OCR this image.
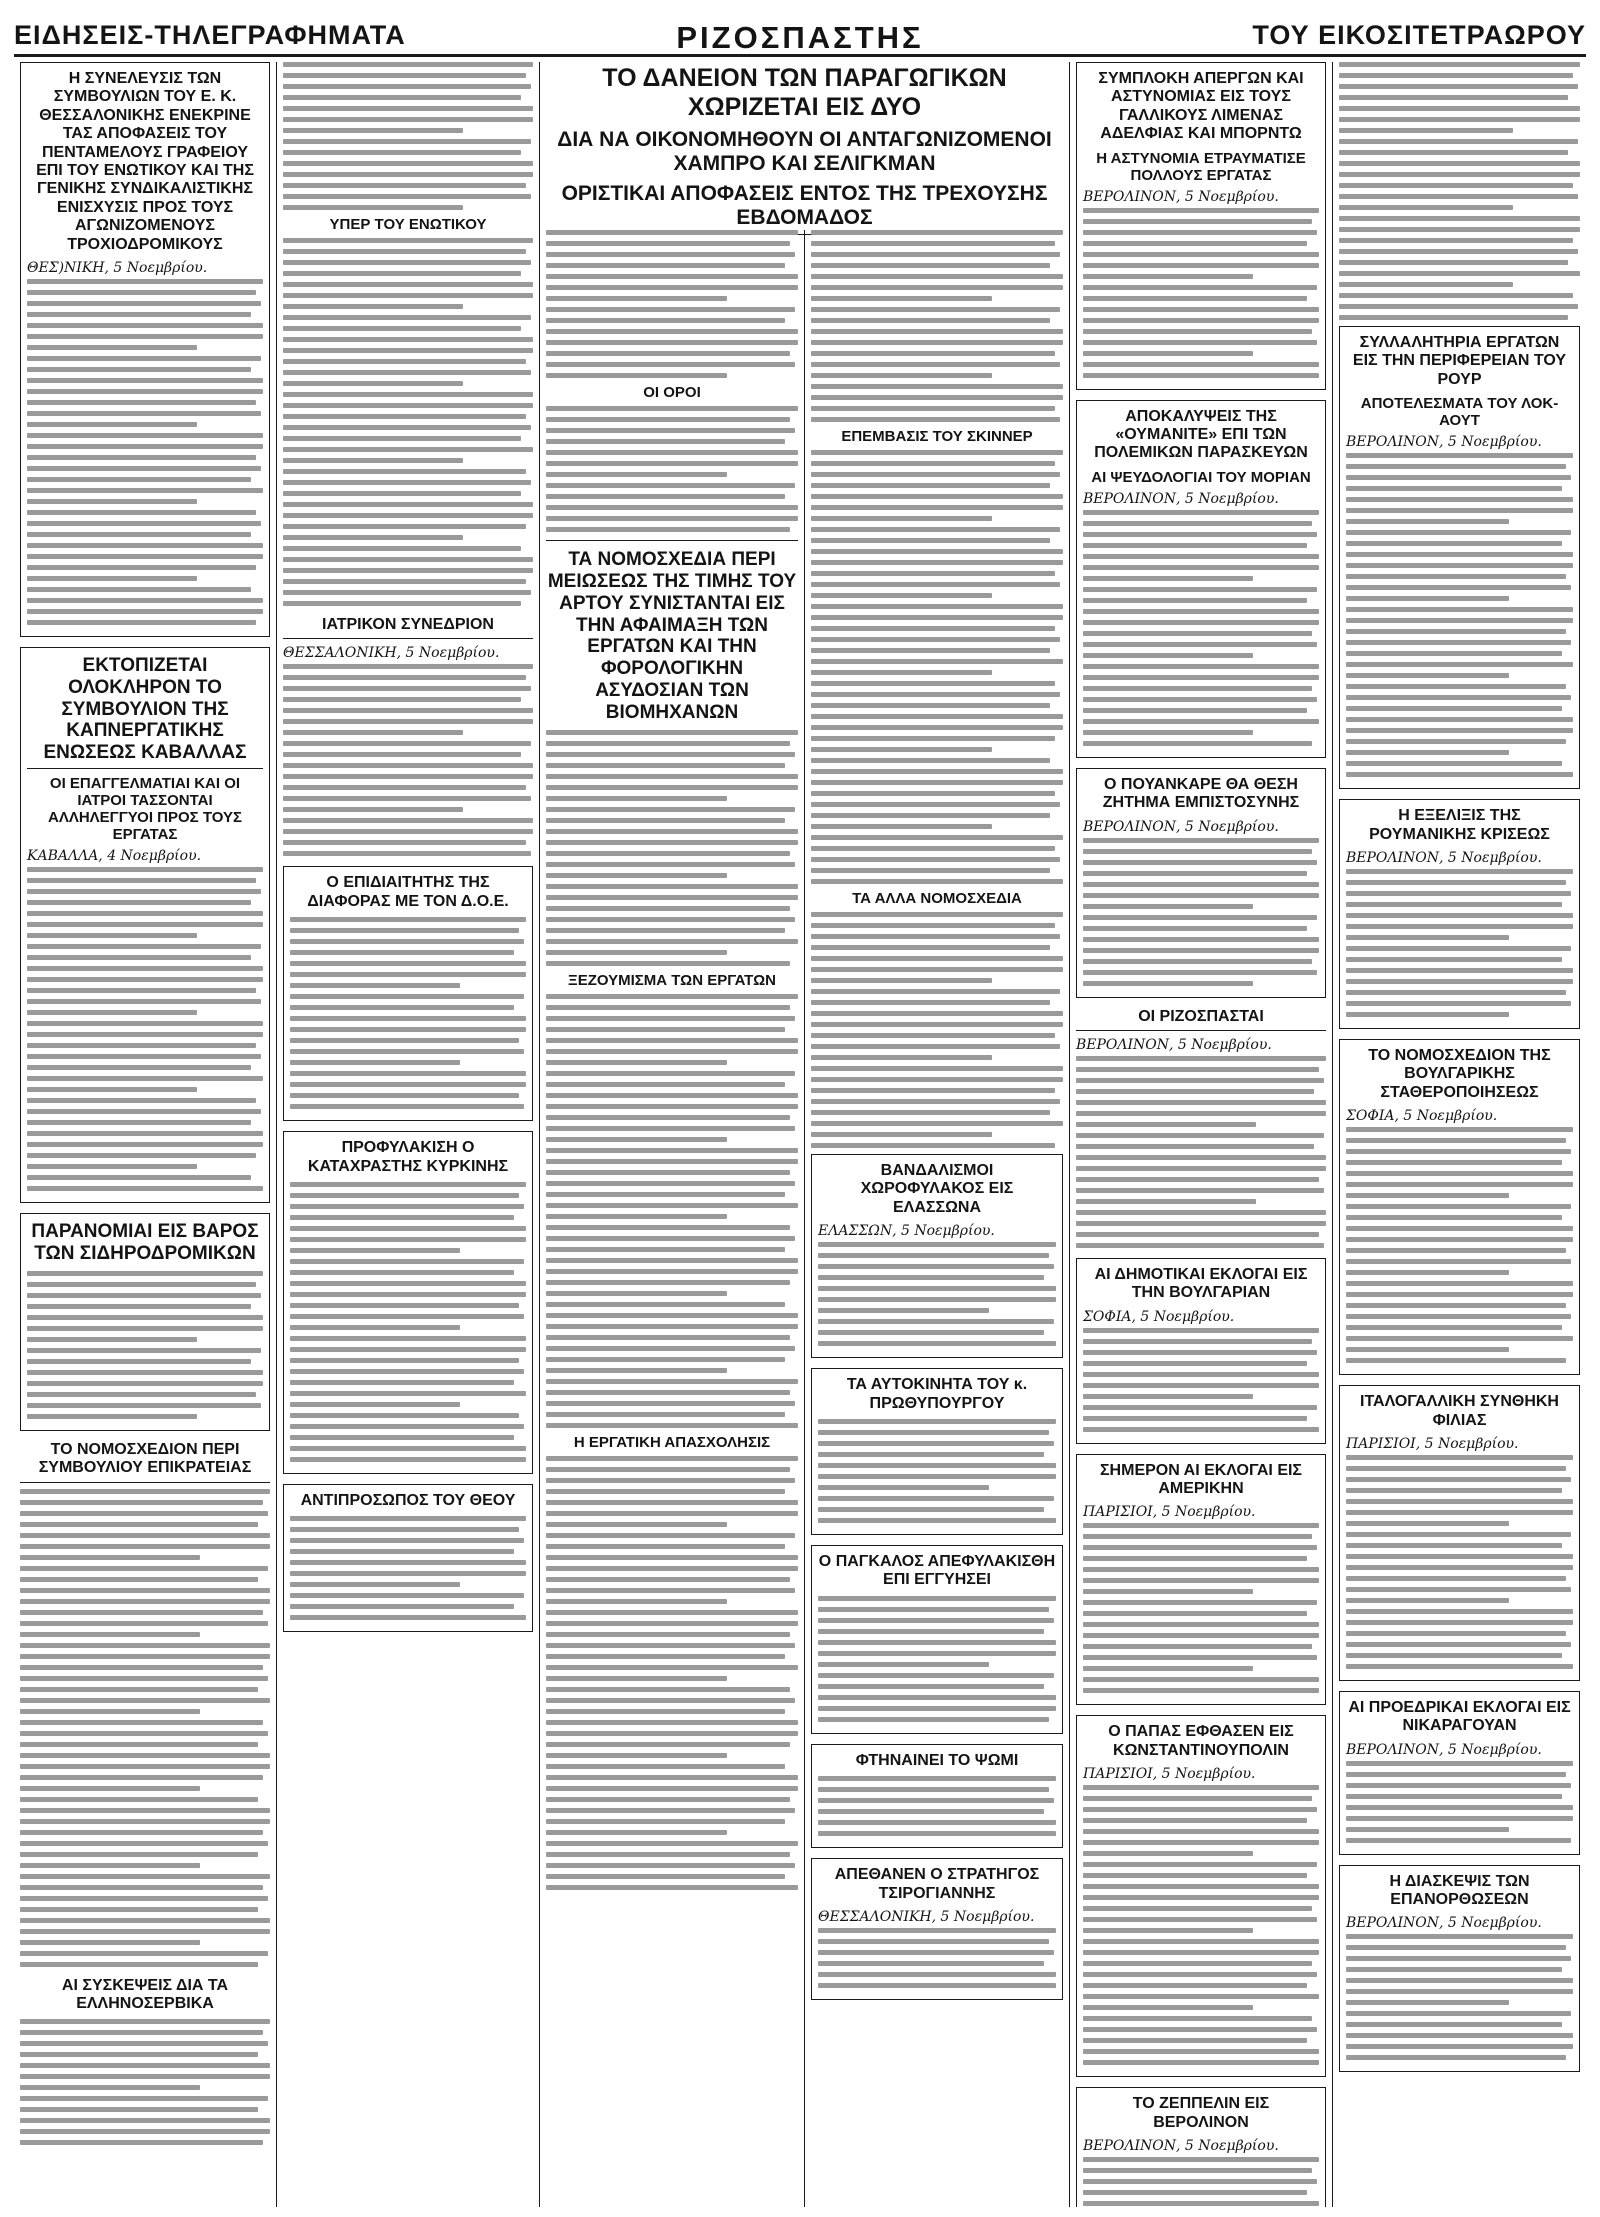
ΕΙΔΗΣΕΙΣ-ΤΗΛΕΓΡΑΦΗΜΑΤΑ	ΡΙΖΟΣΠΑΣΤΗΣ	ΤΟΥ ΕΙΚΟΣΙΤΕΤΡΑΩΡΟΥ
Η ΣΥΝΕΛΕΥΣΙΣ ΤΩΝ ΣΥΜΒΟΥΛΙΩΝ ΤΟΥ Ε. Κ. ΘΕΣΣΑΛΟΝΙΚΗΣ ΕΝΕΚΡΙΝΕ ΤΑΣ ΑΠΟΦΑΣΕΙΣ ΤΟΥ ΠΕΝΤΑΜΕΛΟΥΣ ΓΡΑΦΕΙΟΥ ΕΠΙ ΤΟΥ ΕΝΩΤΙΚΟΥ ΚΑΙ ΤΗΣ ΓΕΝΙΚΗΣ ΣΥΝΔΙΚΑΛΙΣΤΙΚΗΣ ΕΝΙΣΧΥΣΙΣ ΠΡΟΣ ΤΟΥΣ ΑΓΩΝΙΖΟΜΕΝΟΥΣ ΤΡΟΧΙΟΔΡΟΜΙΚΟΥΣ
ΘΕΣ)ΝΙΚΗ, 5 Νοεμβρίου.
ΕΚΤΟΠΙΖΕΤΑΙ ΟΛΟΚΛΗΡΟΝ ΤΟ ΣΥΜΒΟΥΛΙΟΝ ΤΗΣ ΚΑΠΝΕΡΓΑΤΙΚΗΣ ΕΝΩΣΕΩΣ ΚΑΒΑΛΛΑΣ
ΟΙ ΕΠΑΓΓΕΛΜΑΤΙΑΙ ΚΑΙ ΟΙ ΙΑΤΡΟΙ ΤΑΣΣΟΝΤΑΙ ΑΛΛΗΛΕΓΓΥΟΙ ΠΡΟΣ ΤΟΥΣ ΕΡΓΑΤΑΣ
ΚΑΒΑΛΛΑ, 4 Νοεμβρίου.
ΠΑΡΑΝΟΜΙΑΙ ΕΙΣ ΒΑΡΟΣ ΤΩΝ ΣΙΔΗΡΟΔΡΟΜΙΚΩΝ
ΤΟ ΝΟΜΟΣΧΕΔΙΟΝ ΠΕΡΙ ΣΥΜΒΟΥΛΙΟΥ ΕΠΙΚΡΑΤΕΙΑΣ
ΑΙ ΣΥΣΚΕΨΕΙΣ ΔΙΑ ΤΑ ΕΛΛΗΝΟΣΕΡΒΙΚΑ
ΥΠΕΡ ΤΟΥ ΕΝΩΤΙΚΟΥ
ΙΑΤΡΙΚΟΝ ΣΥΝΕΔΡΙΟΝ
ΘΕΣΣΑΛΟΝΙΚΗ, 5 Νοεμβρίου.
Ο ΕΠΙΔΙΑΙΤΗΤΗΣ ΤΗΣ ΔΙΑΦΟΡΑΣ ΜΕ ΤΟΝ Δ.Ο.Ε.
ΠΡΟΦΥΛΑΚΙΣΗ Ο ΚΑΤΑΧΡΑΣΤΗΣ ΚΥΡΚΙΝΗΣ
ΑΝΤΙΠΡΟΣΩΠΟΣ ΤΟΥ ΘΕΟΥ
ΤΟ ΔΑΝΕΙΟΝ ΤΩΝ ΠΑΡΑΓΩΓΙΚΩΝ ΧΩΡΙΖΕΤΑΙ ΕΙΣ ΔΥΟ
ΔΙΑ ΝΑ ΟΙΚΟΝΟΜΗΘΟΥΝ ΟΙ ΑΝΤΑΓΩΝΙΖΟΜΕΝΟΙ ΧΑΜΠΡΟ ΚΑΙ ΣΕΛΙΓΚΜΑΝ
ΟΡΙΣΤΙΚΑΙ ΑΠΟΦΑΣΕΙΣ ΕΝΤΟΣ ΤΗΣ ΤΡΕΧΟΥΣΗΣ ΕΒΔΟΜΑΔΟΣ
ΟΙ ΟΡΟΙ
ΤΑ ΝΟΜΟΣΧΕΔΙΑ ΠΕΡΙ ΜΕΙΩΣΕΩΣ ΤΗΣ ΤΙΜΗΣ ΤΟΥ ΑΡΤΟΥ ΣΥΝΙΣΤΑΝΤΑΙ ΕΙΣ ΤΗΝ ΑΦΑΙΜΑΞΗ ΤΩΝ ΕΡΓΑΤΩΝ ΚΑΙ ΤΗΝ ΦΟΡΟΛΟΓΙΚΗΝ ΑΣΥΔΟΣΙΑΝ ΤΩΝ ΒΙΟΜΗΧΑΝΩΝ
ΞΕΖΟΥΜΙΣΜΑ ΤΩΝ ΕΡΓΑΤΩΝ
Η ΕΡΓΑΤΙΚΗ ΑΠΑΣΧΟΛΗΣΙΣ
ΕΠΕΜΒΑΣΙΣ ΤΟΥ ΣΚΙΝΝΕΡ
ΤΑ ΑΛΛΑ ΝΟΜΟΣΧΕΔΙΑ
ΒΑΝΔΑΛΙΣΜΟΙ ΧΩΡΟΦΥΛΑΚΟΣ ΕΙΣ ΕΛΑΣΣΩΝΑ
ΕΛΑΣΣΩΝ, 5 Νοεμβρίου.
ΤΑ ΑΥΤΟΚΙΝΗΤΑ ΤΟΥ κ. ΠΡΩΘΥΠΟΥΡΓΟΥ
Ο ΠΑΓΚΑΛΟΣ ΑΠΕΦΥΛΑΚΙΣΘΗ ΕΠΙ ΕΓΓΥΗΣΕΙ
ΦΤΗΝΑΙΝΕΙ ΤΟ ΨΩΜΙ
ΑΠΕΘΑΝΕΝ Ο ΣΤΡΑΤΗΓΟΣ ΤΣΙΡΟΓΙΑΝΝΗΣ
ΘΕΣΣΑΛΟΝΙΚΗ, 5 Νοεμβρίου.
ΣΥΜΠΛΟΚΗ ΑΠΕΡΓΩΝ ΚΑΙ ΑΣΤΥΝΟΜΙΑΣ ΕΙΣ ΤΟΥΣ ΓΑΛΛΙΚΟΥΣ ΛΙΜΕΝΑΣ ΑΔΕΛΦΙΑΣ ΚΑΙ ΜΠΟΡΝΤΩ
Η ΑΣΤΥΝΟΜΙΑ ΕΤΡΑΥΜΑΤΙΣΕ ΠΟΛΛΟΥΣ ΕΡΓΑΤΑΣ
ΒΕΡΟΛΙΝΟΝ, 5 Νοεμβρίου.
ΑΠΟΚΑΛΥΨΕΙΣ ΤΗΣ «ΟΥΜΑΝΙΤΕ» ΕΠΙ ΤΩΝ ΠΟΛΕΜΙΚΩΝ ΠΑΡΑΣΚΕΥΩΝ
ΑΙ ΨΕΥΔΟΛΟΓΙΑΙ ΤΟΥ ΜΟΡΙΑΝ
ΒΕΡΟΛΙΝΟΝ, 5 Νοεμβρίου.
Ο ΠΟΥΑΝΚΑΡΕ ΘΑ ΘΕΣΗ ΖΗΤΗΜΑ ΕΜΠΙΣΤΟΣΥΝΗΣ
ΒΕΡΟΛΙΝΟΝ, 5 Νοεμβρίου.
ΟΙ ΡΙΖΟΣΠΑΣΤΑΙ
ΒΕΡΟΛΙΝΟΝ, 5 Νοεμβρίου.
ΑΙ ΔΗΜΟΤΙΚΑΙ ΕΚΛΟΓΑΙ ΕΙΣ ΤΗΝ ΒΟΥΛΓΑΡΙΑΝ
ΣΟΦΙΑ, 5 Νοεμβρίου.
ΣΗΜΕΡΟΝ ΑΙ ΕΚΛΟΓΑΙ ΕΙΣ ΑΜΕΡΙΚΗΝ
ΠΑΡΙΣΙΟΙ, 5 Νοεμβρίου.
Ο ΠΑΠΑΣ ΕΦΘΑΣΕΝ ΕΙΣ ΚΩΝΣΤΑΝΤΙΝΟΥΠΟΛΙΝ
ΠΑΡΙΣΙΟΙ, 5 Νοεμβρίου.
ΤΟ ΖΕΠΠΕΛΙΝ ΕΙΣ ΒΕΡΟΛΙΝΟΝ
ΒΕΡΟΛΙΝΟΝ, 5 Νοεμβρίου.
ΣΥΛΛΑΛΗΤΗΡΙΑ ΕΡΓΑΤΩΝ ΕΙΣ ΤΗΝ ΠΕΡΙΦΕΡΕΙΑΝ ΤΟΥ ΡΟΥΡ
ΑΠΟΤΕΛΕΣΜΑΤΑ ΤΟΥ ΛΟΚ-ΑΟΥΤ
ΒΕΡΟΛΙΝΟΝ, 5 Νοεμβρίου.
Η ΕΞΕΛΙΞΙΣ ΤΗΣ ΡΟΥΜΑΝΙΚΗΣ ΚΡΙΣΕΩΣ
ΒΕΡΟΛΙΝΟΝ, 5 Νοεμβρίου.
ΤΟ ΝΟΜΟΣΧΕΔΙΟΝ ΤΗΣ ΒΟΥΛΓΑΡΙΚΗΣ ΣΤΑΘΕΡΟΠΟΙΗΣΕΩΣ
ΣΟΦΙΑ, 5 Νοεμβρίου.
ΙΤΑΛΟΓΑΛΛΙΚΗ ΣΥΝΘΗΚΗ ΦΙΛΙΑΣ
ΠΑΡΙΣΙΟΙ, 5 Νοεμβρίου.
ΑΙ ΠΡΟΕΔΡΙΚΑΙ ΕΚΛΟΓΑΙ ΕΙΣ ΝΙΚΑΡΑΓΟΥΑΝ
ΒΕΡΟΛΙΝΟΝ, 5 Νοεμβρίου.
Η ΔΙΑΣΚΕΨΙΣ ΤΩΝ ΕΠΑΝΟΡΘΩΣΕΩΝ
ΒΕΡΟΛΙΝΟΝ, 5 Νοεμβρίου.
